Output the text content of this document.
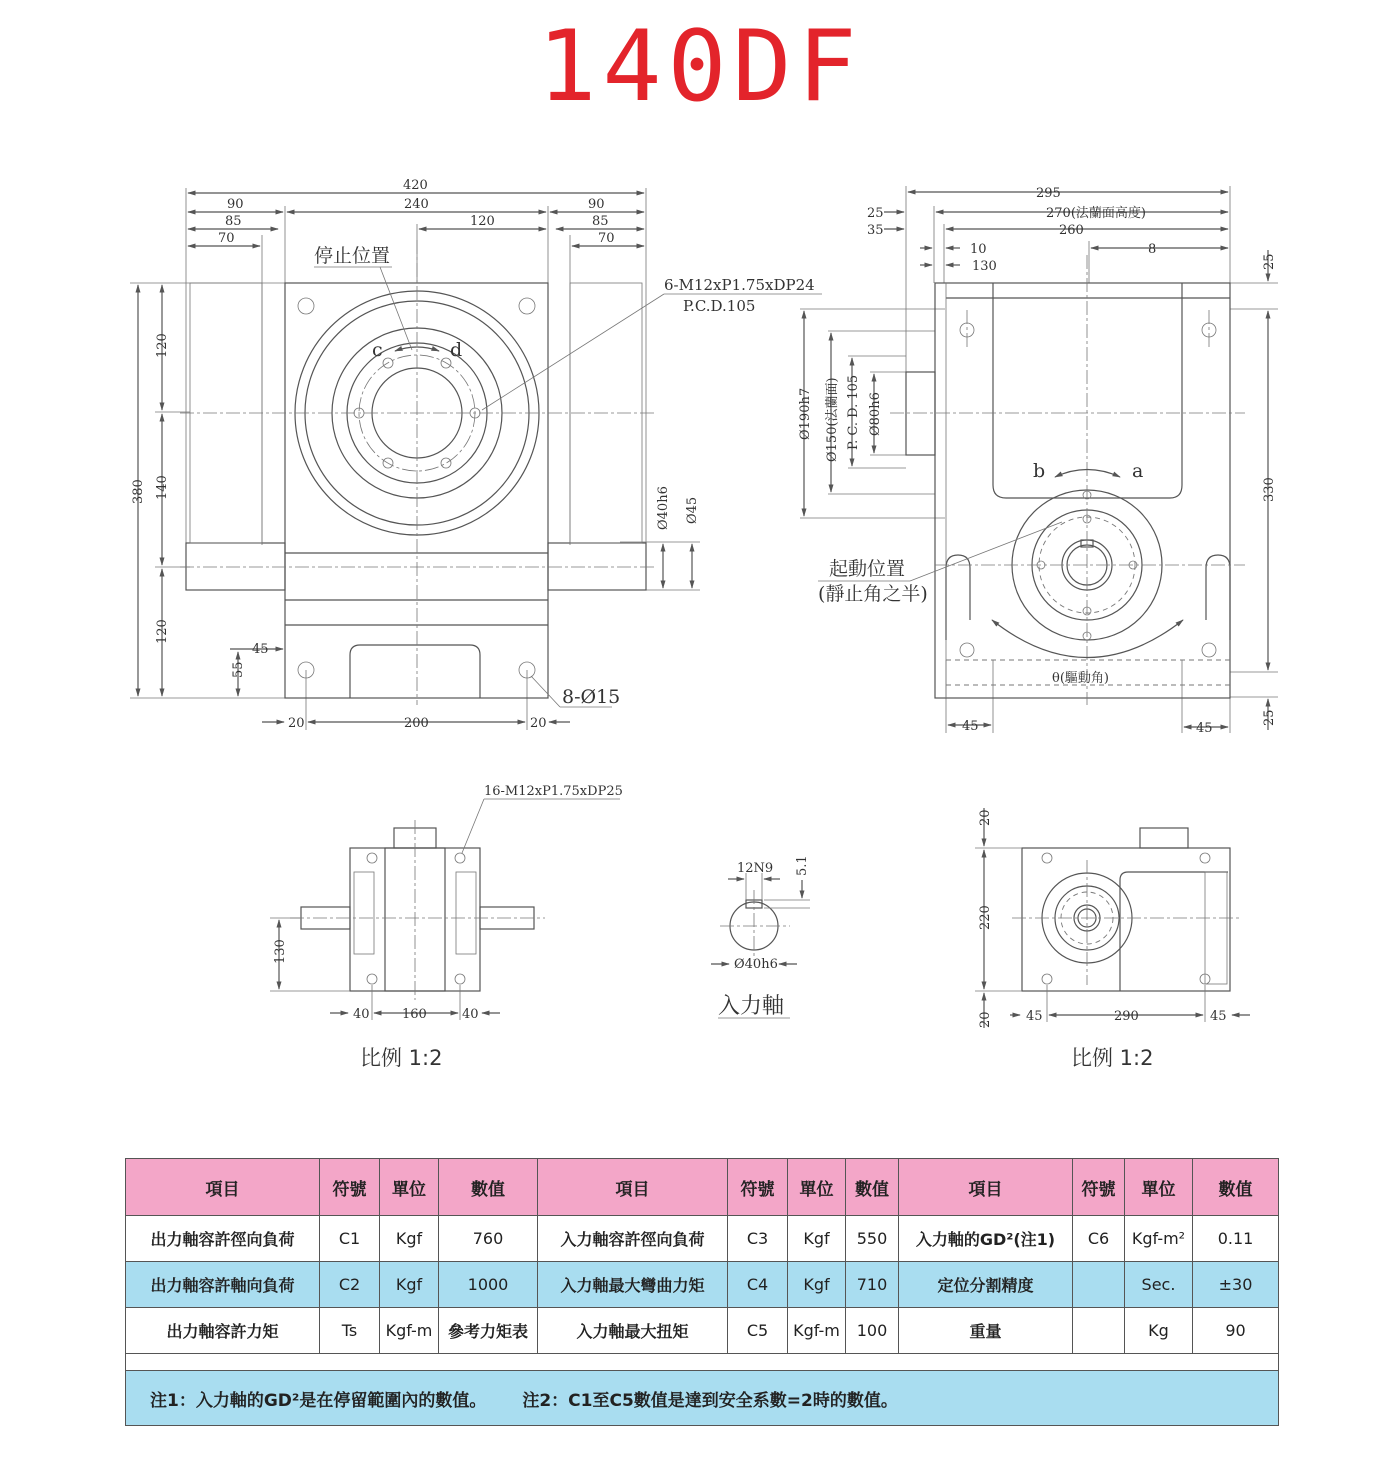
140DF
420
90	240	90
85	120	85
70	70
380
120
140
120
45
55
20	200	20
Ø40h6 Ø45
c	d
停止位置
6-M12xP1.75xDP24
P.C.D.105
8-Ø15
295
25	270(法蘭面高度)
35	260
10	8
130	25
330
25
45	45
Ø190h7 Ø150(法蘭面) P. C. D. 105 Ø80h6
b	a
θ(驅動角)
起動位置
(靜止角之半)
16-M12xP1.75xDP25
130
40 160	40
12N9 5.1
Ø40h6
入力軸
20
220
20	45	290	45
比例 1:2	比例 1:2
項目	符號	單位	數值	項目	符號	單位	數值	項目	符號	單位	數值
出力軸容許徑向負荷	C1	Kgf	760	入力軸容許徑向負荷	C3	Kgf	550	入力軸的GD²(注1)	C6	Kgf-m²	0.11
出力軸容許軸向負荷	C2	Kgf	1000	入力軸最大彎曲力矩	C4	Kgf	710	定位分割精度		Sec.	±30
出力軸容許力矩	Ts	Kgf-m	參考力矩表	入力軸最大扭矩	C5	Kgf-m	100	重量		Kg	90

注1：入力軸的GD²是在停留範圍內的數值。 注2：C1至C5數值是達到安全系數=2時的數值。											
